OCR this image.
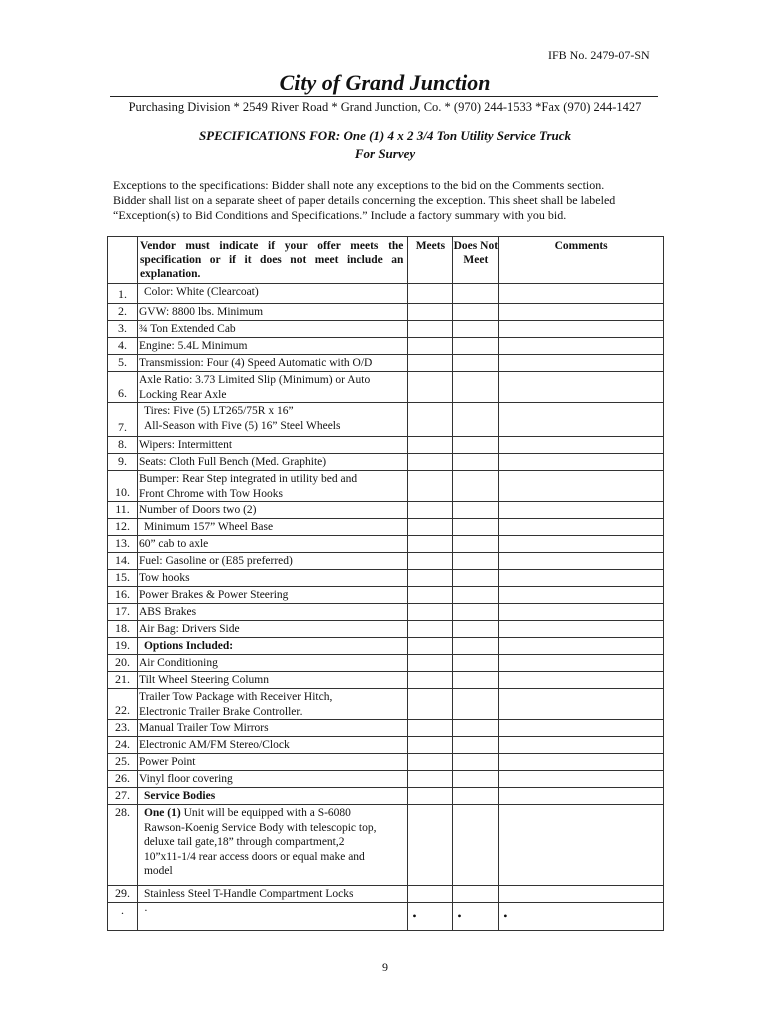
IFB No. 2479-07-SN
City of Grand Junction
Purchasing Division * 2549 River Road * Grand Junction, Co. * (970) 244-1533 *Fax (970) 244-1427
SPECIFICATIONS FOR: One (1) 4 x 2 3/4 Ton Utility Service Truck
For Survey
Exceptions to the specifications: Bidder shall note any exceptions to the bid on the Comments section.
Bidder shall list on a separate sheet of paper details concerning the exception. This sheet shall be labeled
“Exception(s) to Bid Conditions and Specifications.” Include a factory summary with you bid.
	Vendor must indicate if your offer meets the specification or if it does not meet include an explanation.	Meets	Does Not Meet	Comments
1.	Color: White (Clearcoat)			

2.	GVW: 8800 lbs. Minimum			

3.	¾ Ton Extended Cab			

4.	Engine: 5.4L Minimum			

5.	Transmission: Four (4) Speed Automatic with O/D			

6.	Axle Ratio: 3.73 Limited Slip (Minimum) or Auto
Locking Rear Axle			

7.	Tires: Five (5) LT265/75R x 16”
All-Season with Five (5) 16” Steel Wheels			

8.	Wipers: Intermittent			

9.	Seats: Cloth Full Bench (Med. Graphite)			

10.	Bumper: Rear Step integrated in utility bed and
Front Chrome with Tow Hooks			

11.	Number of Doors two (2)			

12.	Minimum 157” Wheel Base			

13.	60” cab to axle			

14.	Fuel: Gasoline or (E85 preferred)			

15.	Tow hooks			

16.	Power Brakes & Power Steering			

17.	ABS Brakes			

18.	Air Bag: Drivers Side			

19.	Options Included:			

20.	Air Conditioning			

21.	Tilt Wheel Steering Column			

22.	Trailer Tow Package with Receiver Hitch,
Electronic Trailer Brake Controller.			

23.	Manual Trailer Tow Mirrors			

24.	Electronic AM/FM Stereo/Clock			

25.	Power Point			

26.	Vinyl floor covering			

27.	Service Bodies			

28.	One (1) Unit will be equipped with a S-6080
Rawson-Koenig Service Body with telescopic top,
deluxe tail gate,18” through compartment,2
10”x11-1/4 rear access doors or equal make and
model			

29.	Stainless Steel T-Handle Compartment Locks			

.	·	•	•	•
9
